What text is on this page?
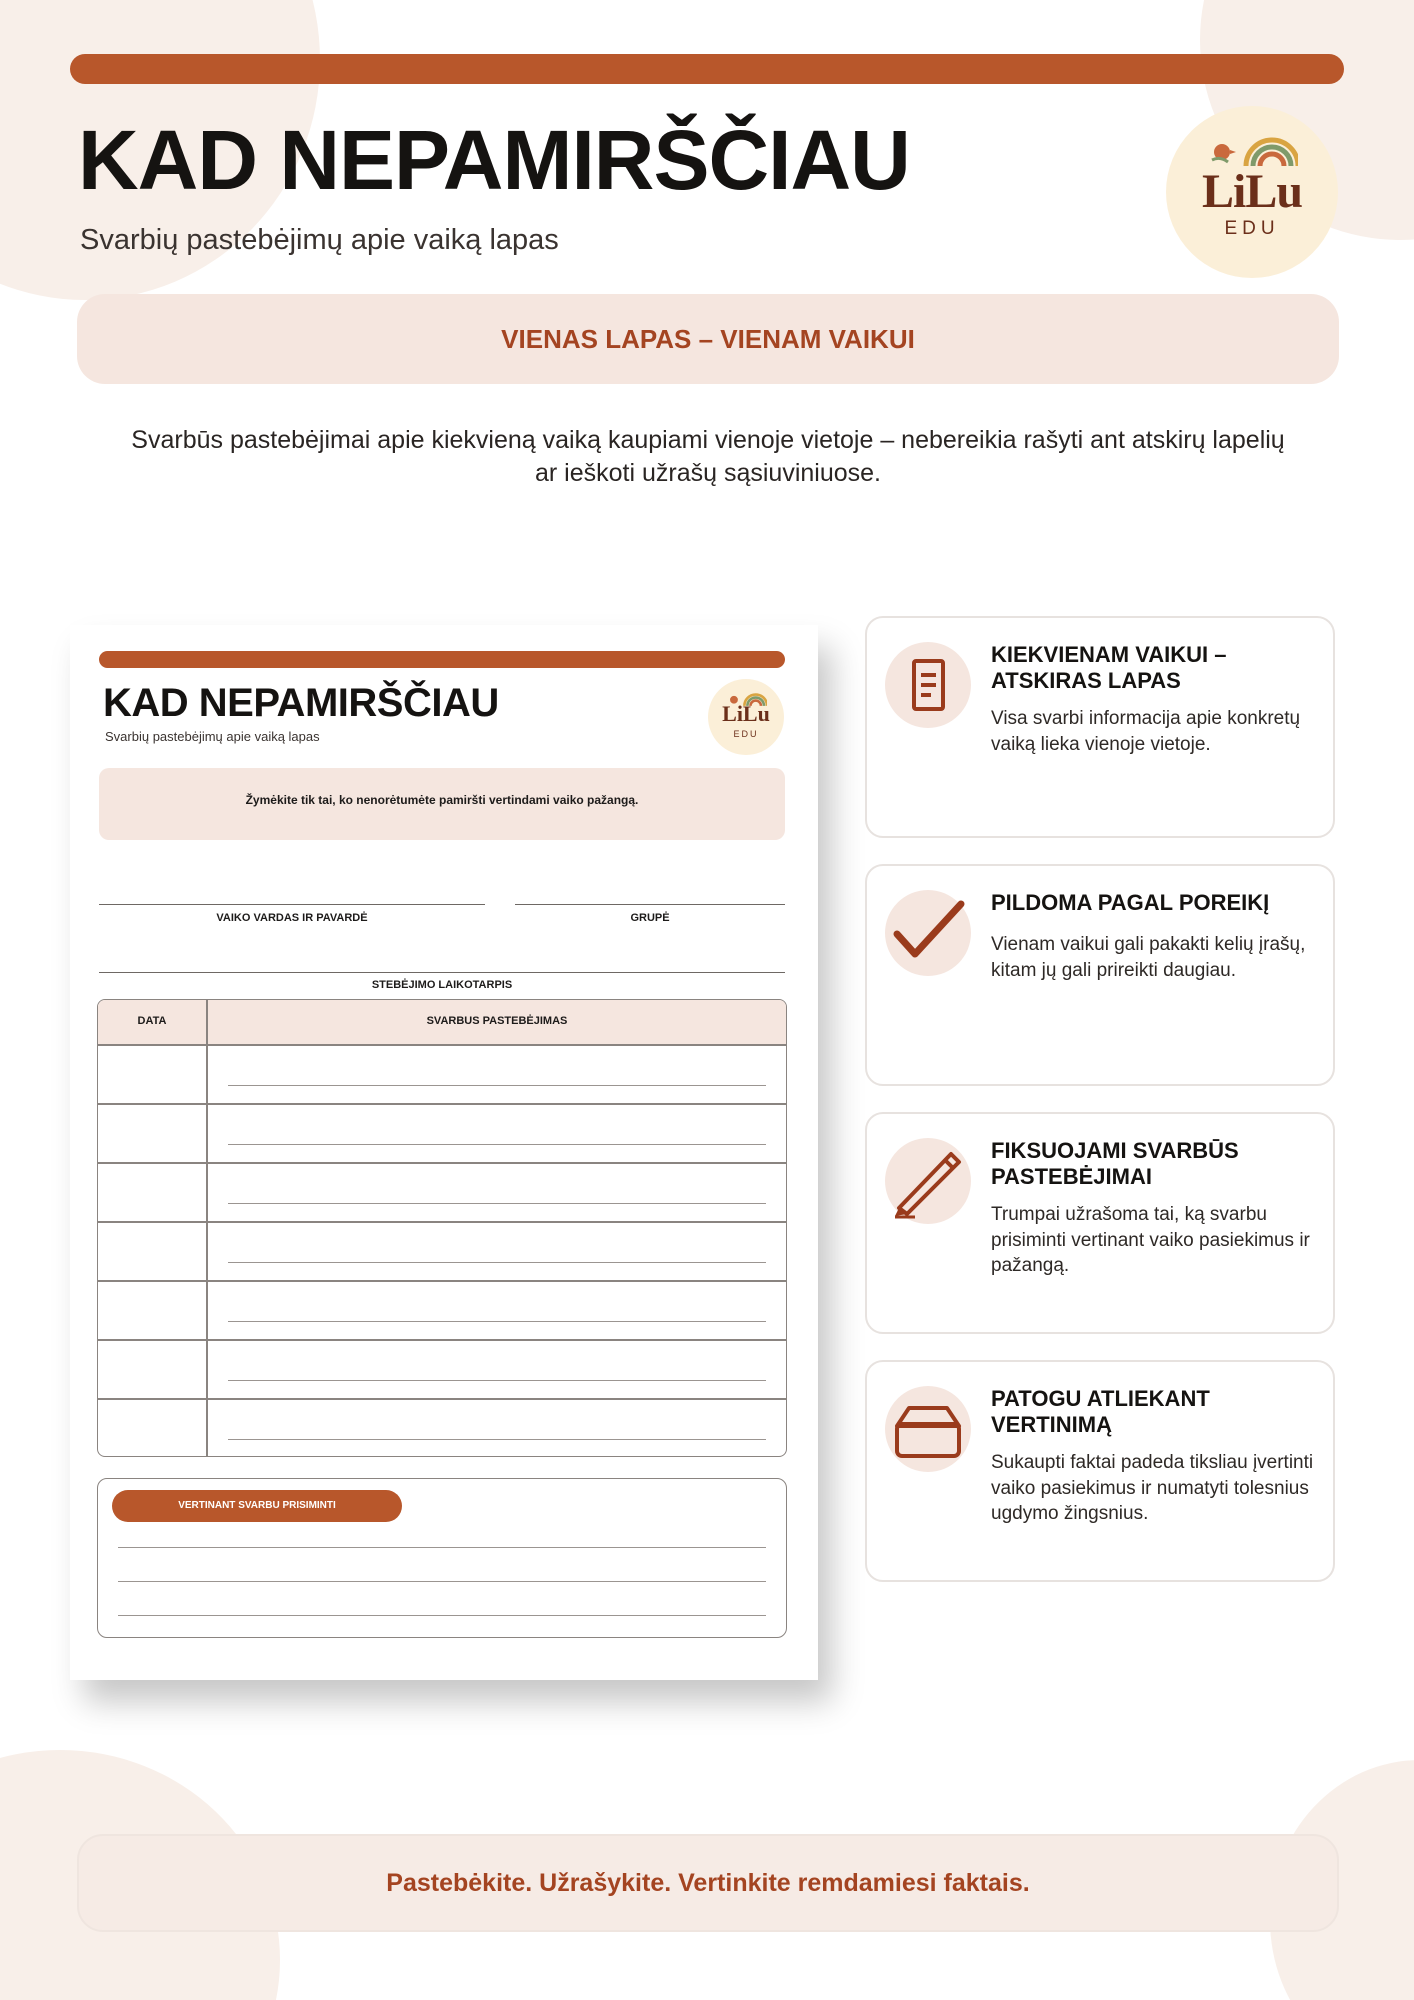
KAD NEPAMIRŠČIAU
Svarbių pastebėjimų apie vaiką lapas
LiLu
EDU
VIENAS LAPAS – VIENAM VAIKUI

Svarbūs pastebėjimai apie kiekvieną vaiką kaupiami vienoje vietoje – nebereikia rašyti ant atskirų lapelių ar ieškoti užrašų sąsiuviniuose.

KAD NEPAMIRŠČIAU
Svarbių pastebėjimų apie vaiką lapas
LiLu
EDU
Žymėkite tik tai, ko nenorėtumėte pamiršti vertindami vaiko pažangą.
VAIKO VARDAS IR PAVARDĖ	GRUPĖ
STEBĖJIMO LAIKOTARPIS
DATA	SVARBUS PASTEBĖJIMAS
VERTINANT SVARBU PRISIMINTI
KIEKVIENAM VAIKUI – ATSKIRAS LAPAS
Visa svarbi informacija apie konkretų vaiką lieka vienoje vietoje.
PILDOMA PAGAL POREIKĮ
Vienam vaikui gali pakakti kelių įrašų, kitam jų gali prireikti daugiau.
FIKSUOJAMI SVARBŪS PASTEBĖJIMAI
Trumpai užrašoma tai, ką svarbu prisiminti vertinant vaiko pasiekimus ir pažangą.
PATOGU ATLIEKANT VERTINIMĄ
Sukaupti faktai padeda tiksliau įvertinti vaiko pasiekimus ir numatyti tolesnius ugdymo žingsnius.
Pastebėkite. Užrašykite. Vertinkite remdamiesi faktais.
